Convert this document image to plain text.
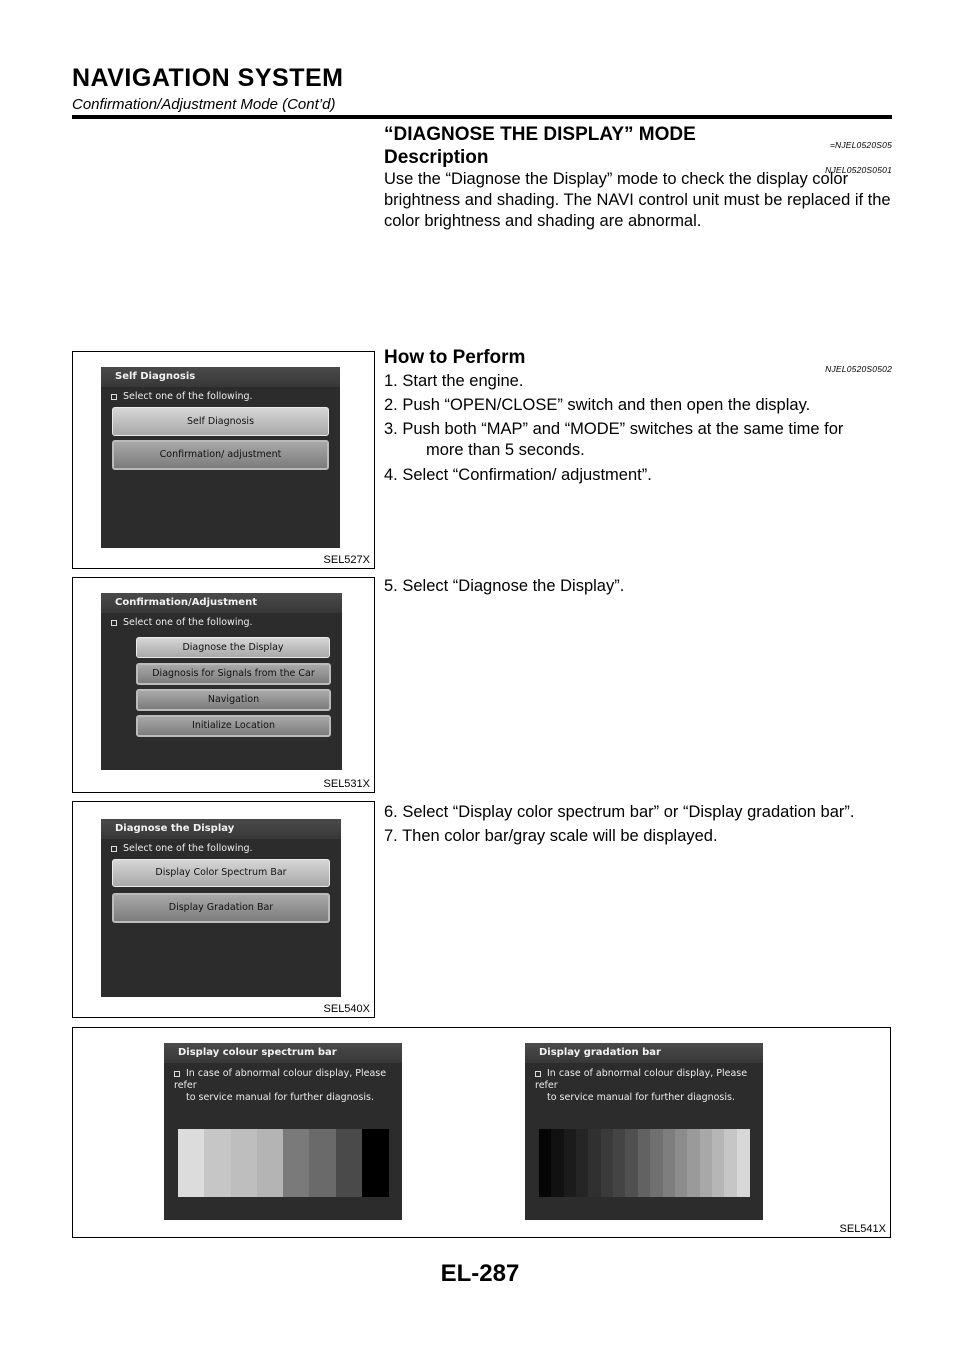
NAVIGATION SYSTEM
Confirmation/Adjustment Mode (Cont’d)
“DIAGNOSE THE DISPLAY” MODE	=NJEL0520S05
Description
NJEL0520S0501
Use the “Diagnose the Display” mode to check the display color brightness and shading. The NAVI control unit must be replaced if the color brightness and shading are abnormal.
How to Perform
NJEL0520S0502
1. Start the engine.
2. Push “OPEN/CLOSE” switch and then open the display.
3. Push both “MAP” and “MODE” switches at the same time for
more than 5 seconds.
4. Select “Confirmation/ adjustment”.
5. Select “Diagnose the Display”.
6. Select “Display color spectrum bar” or “Display gradation bar”.
7. Then color bar/gray scale will be displayed.
Self Diagnosis
Select one of the following.
Self Diagnosis
Confirmation/ adjustment
SEL527X
Confirmation/Adjustment
Select one of the following.
Diagnose the Display
Diagnosis for Signals from the Car
Navigation
Initialize Location
SEL531X
Diagnose the Display
Select one of the following.
Display Color Spectrum Bar
Display Gradation Bar
SEL540X
Display colour spectrum bar
In case of abnormal colour display, Please refer
to service manual for further diagnosis.
Display gradation bar
In case of abnormal colour display, Please refer
to service manual for further diagnosis.
SEL541X
EL-287
